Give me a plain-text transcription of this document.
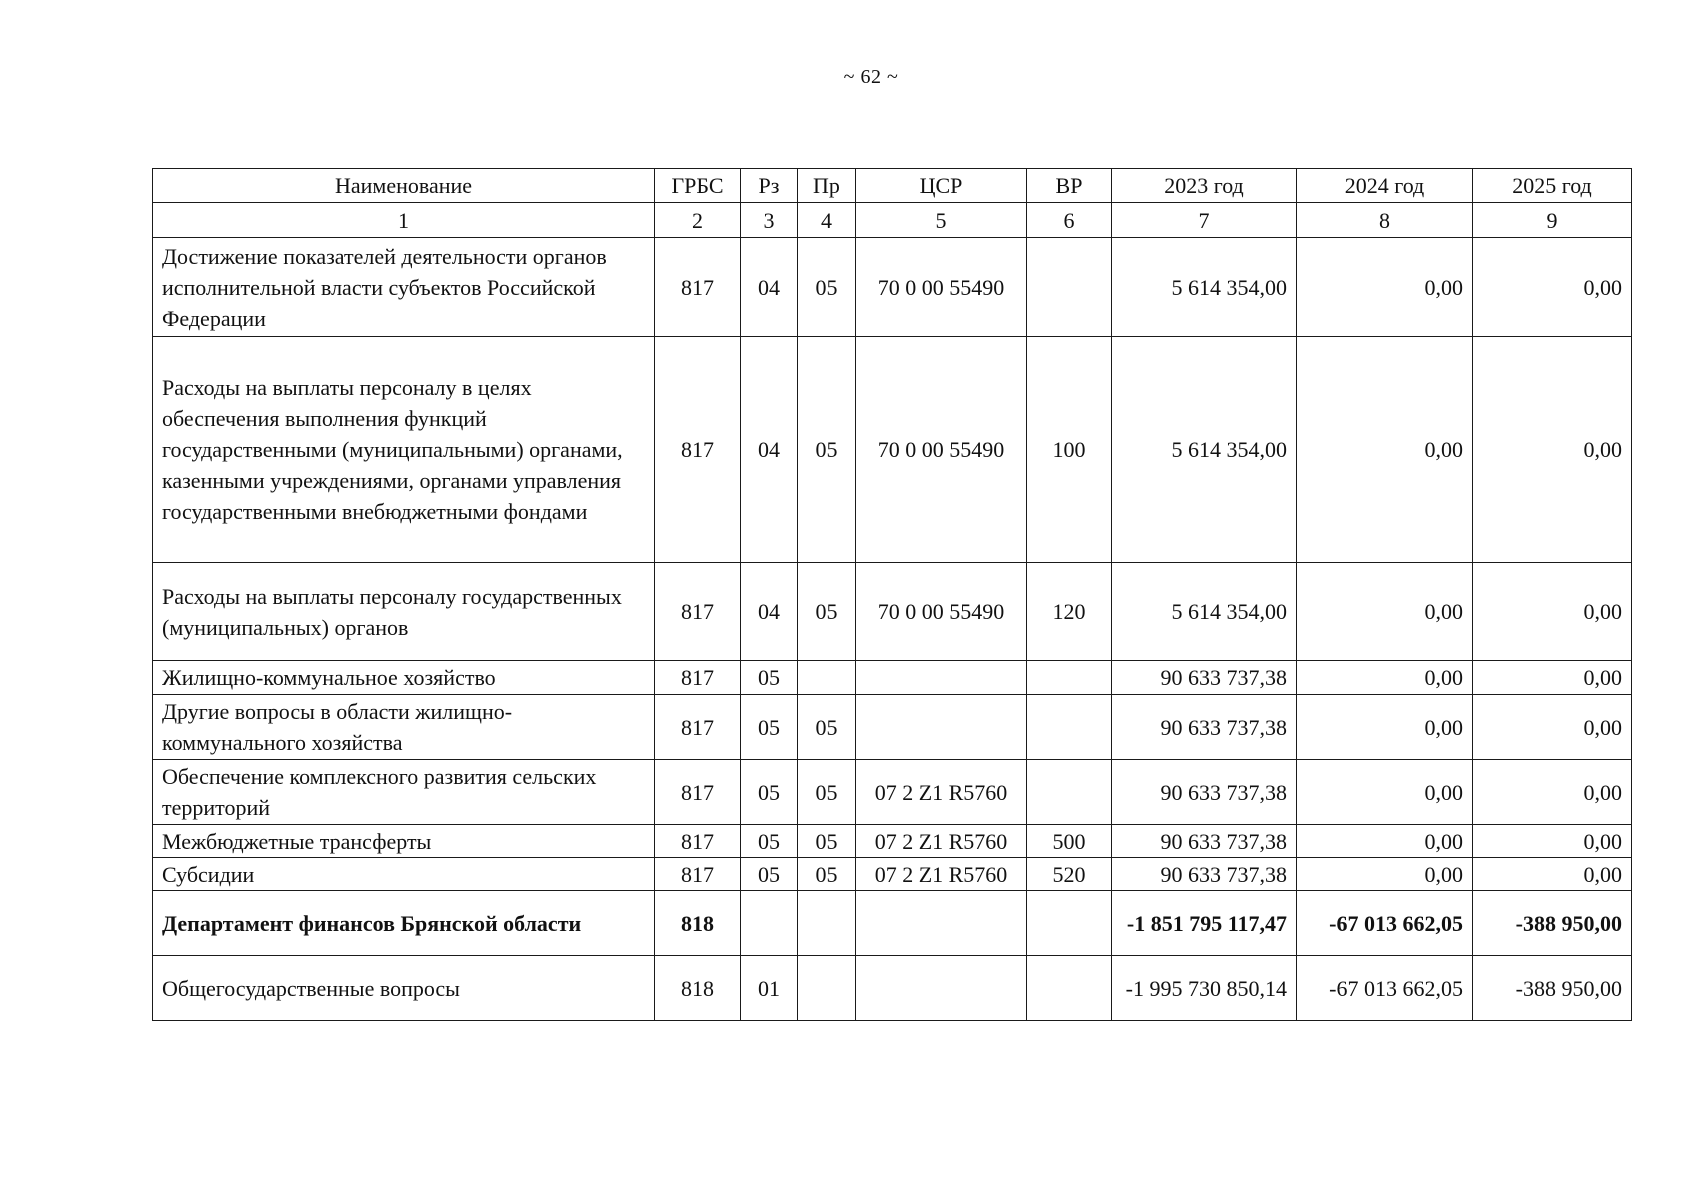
~ 62 ~
Наименование	ГРБС	Рз	Пр	ЦСР	ВР	2023 год	2024 год	2025 год
1	2	3	4	5	6	7	8	9
Достижение показателей деятельности органов исполнительной власти субъектов Российской Федерации	817	04	05	70 0 00 55490		5 614 354,00	0,00	0,00
Расходы на выплаты персоналу в целях обеспечения выполнения функций государственными (муниципальными) органами, казенными учреждениями, органами управления государственными внебюджетными фондами	817	04	05	70 0 00 55490	100	5 614 354,00	0,00	0,00
Расходы на выплаты персоналу государственных (муниципальных) органов	817	04	05	70 0 00 55490	120	5 614 354,00	0,00	0,00
Жилищно-коммунальное хозяйство	817	05				90 633 737,38	0,00	0,00
Другие вопросы в области жилищно-коммунального хозяйства	817	05	05			90 633 737,38	0,00	0,00
Обеспечение комплексного развития сельских территорий	817	05	05	07 2 Z1 R5760		90 633 737,38	0,00	0,00
Межбюджетные трансферты	817	05	05	07 2 Z1 R5760	500	90 633 737,38	0,00	0,00
Субсидии	817	05	05	07 2 Z1 R5760	520	90 633 737,38	0,00	0,00
Департамент финансов Брянской области	818					-1 851 795 117,47	-67 013 662,05	-388 950,00
Общегосударственные вопросы	818	01				-1 995 730 850,14	-67 013 662,05	-388 950,00
